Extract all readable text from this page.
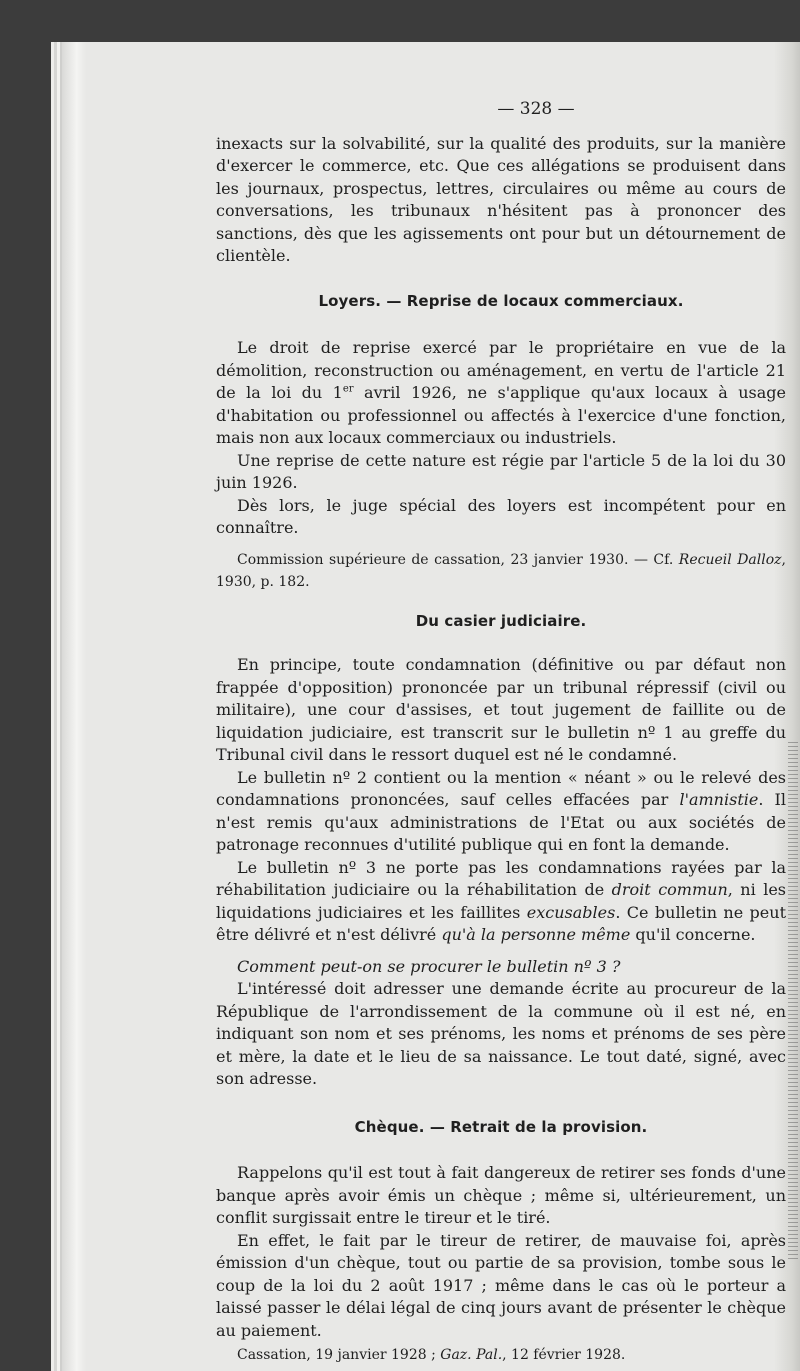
— 328 —

inexacts sur la solvabilité, sur la qualité des produits, sur la manière d'exercer le commerce, etc. Que ces allégations se produisent dans les journaux, prospectus, lettres, circulaires ou même au cours de conversations, les tribunaux n'hésitent pas à prononcer des sanctions, dès que les agissements ont pour but un détournement de clientèle.

Loyers. — Reprise de locaux commerciaux.

Le droit de reprise exercé par le propriétaire en vue de la démolition, reconstruction ou aménagement, en vertu de l'article 21 de la loi du 1er avril 1926, ne s'applique qu'aux locaux à usage d'habitation ou professionnel ou affectés à l'exercice d'une fonction, mais non aux locaux commerciaux ou industriels.

Une reprise de cette nature est régie par l'article 5 de la loi du 30 juin 1926.

Dès lors, le juge spécial des loyers est incompétent pour en connaître.

Commission supérieure de cassation, 23 janvier 1930. — Cf. Recueil Dalloz, 1930, p. 182.

Du casier judiciaire.

En principe, toute condamnation (définitive ou par défaut non frappée d'opposition) prononcée par un tribunal répressif (civil ou militaire), une cour d'assises, et tout jugement de faillite ou de liquidation judiciaire, est transcrit sur le bulletin nº 1 au greffe du Tribunal civil dans le ressort duquel est né le condamné.

Le bulletin nº 2 contient ou la mention « néant » ou le relevé des condamnations prononcées, sauf celles effacées par l'amnistie. Il n'est remis qu'aux administrations de l'Etat ou aux sociétés de patronage reconnues d'utilité publique qui en font la demande.

Le bulletin nº 3 ne porte pas les condamnations rayées par la réhabilitation judiciaire ou la réhabilitation de droit commun, ni les liquidations judiciaires et les faillites excusables. Ce bulletin ne peut être délivré et n'est délivré qu'à la personne même qu'il concerne.

Comment peut-on se procurer le bulletin nº 3 ?

L'intéressé doit adresser une demande écrite au procureur de la République de l'arrondissement de la commune où il est né, en indiquant son nom et ses prénoms, les noms et prénoms de ses père et mère, la date et le lieu de sa naissance. Le tout daté, signé, avec son adresse.

Chèque. — Retrait de la provision.

Rappelons qu'il est tout à fait dangereux de retirer ses fonds d'une banque après avoir émis un chèque ; même si, ultérieurement, un conflit surgissait entre le tireur et le tiré.

En effet, le fait par le tireur de retirer, de mauvaise foi, après émission d'un chèque, tout ou partie de sa provision, tombe sous le coup de la loi du 2 août 1917 ; même dans le cas où le porteur a laissé passer le délai légal de cinq jours avant de présenter le chèque au paiement.

Cassation, 19 janvier 1928 ; Gaz. Pal., 12 février 1928.
